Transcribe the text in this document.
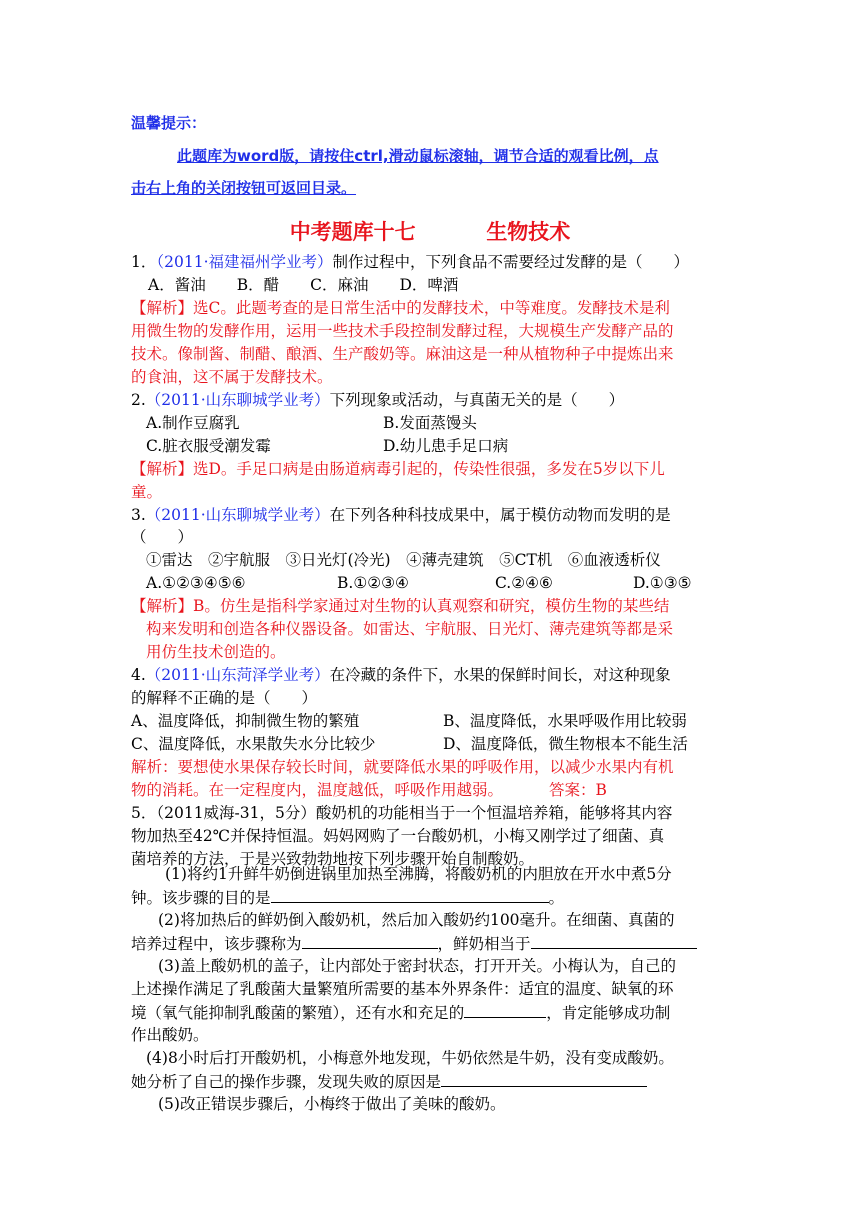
温馨提示：
此题库为word版，请按住ctrl,滑动鼠标滚轴，调节合适的观看比例，点
击右上角的关闭按钮可返回目录。
中考题库十七	生物技术
1．（2011·福建福州学业考）制作过程中，下列食品不需要经过发酵的是（　　）
A．酱油　　B．醋　　C．麻油　　D．啤酒
【解析】选C。此题考查的是日常生活中的发酵技术，中等难度。发酵技术是利
用微生物的发酵作用，运用一些技术手段控制发酵过程，大规模生产发酵产品的
技术。像制酱、制醋、酿酒、生产酸奶等。麻油这是一种从植物种子中提炼出来
的食油，这不属于发酵技术。
2.（2011·山东聊城学业考）下列现象或活动，与真菌无关的是（　　）
A.制作豆腐乳	B.发面蒸馒头
C.脏衣服受潮发霉	D.幼儿患手足口病
【解析】选D。手足口病是由肠道病毒引起的，传染性很强，多发在5岁以下儿
童。
3.（2011·山东聊城学业考）在下列各种科技成果中，属于模仿动物而发明的是
（　　）
①雷达　②宇航服　③日光灯(冷光)　④薄壳建筑　⑤CT机　⑥血液透析仪
A.①②③④⑤⑥	B.①②③④	C.②④⑥	D.①③⑤
【解析】B。仿生是指科学家通过对生物的认真观察和研究，模仿生物的某些结
构来发明和创造各种仪器设备。如雷达、宇航服、日光灯、薄壳建筑等都是采
用仿生技术创造的。
4.（2011·山东菏泽学业考）在冷藏的条件下，水果的保鲜时间长，对这种现象
的解释不正确的是（　　）
A、温度降低，抑制微生物的繁殖	B、温度降低，水果呼吸作用比较弱
C、温度降低，水果散失水分比较少	D、温度降低，微生物根本不能生活
解析：要想使水果保存较长时间，就要降低水果的呼吸作用，以减少水果内有机
物的消耗。在一定程度内，温度越低，呼吸作用越弱。	答案：B
5．（2011威海-31，5分）酸奶机的功能相当于一个恒温培养箱，能够将其内容
物加热至42℃并保持恒温。妈妈网购了一台酸奶机，小梅又刚学过了细菌、真
菌培养的方法，于是兴致勃勃地按下列步骤开始自制酸奶。
(1)将约1升鲜牛奶倒进锅里加热至沸腾，将酸奶机的内胆放在开水中煮5分
钟。该步骤的目的是	。
(2)将加热后的鲜奶倒入酸奶机，然后加入酸奶约100毫升。在细菌、真菌的
培养过程中，该步骤称为	，鲜奶相当于
(3)盖上酸奶机的盖子，让内部处于密封状态，打开开关。小梅认为，自己的
上述操作满足了乳酸菌大量繁殖所需要的基本外界条件：适宜的温度、缺氧的环
境（氧气能抑制乳酸菌的繁殖），还有水和充足的	，肯定能够成功制
作出酸奶。
(4)8小时后打开酸奶机，小梅意外地发现，牛奶依然是牛奶，没有变成酸奶。
她分析了自己的操作步骤，发现失败的原因是
(5)改正错误步骤后，小梅终于做出了美味的酸奶。
